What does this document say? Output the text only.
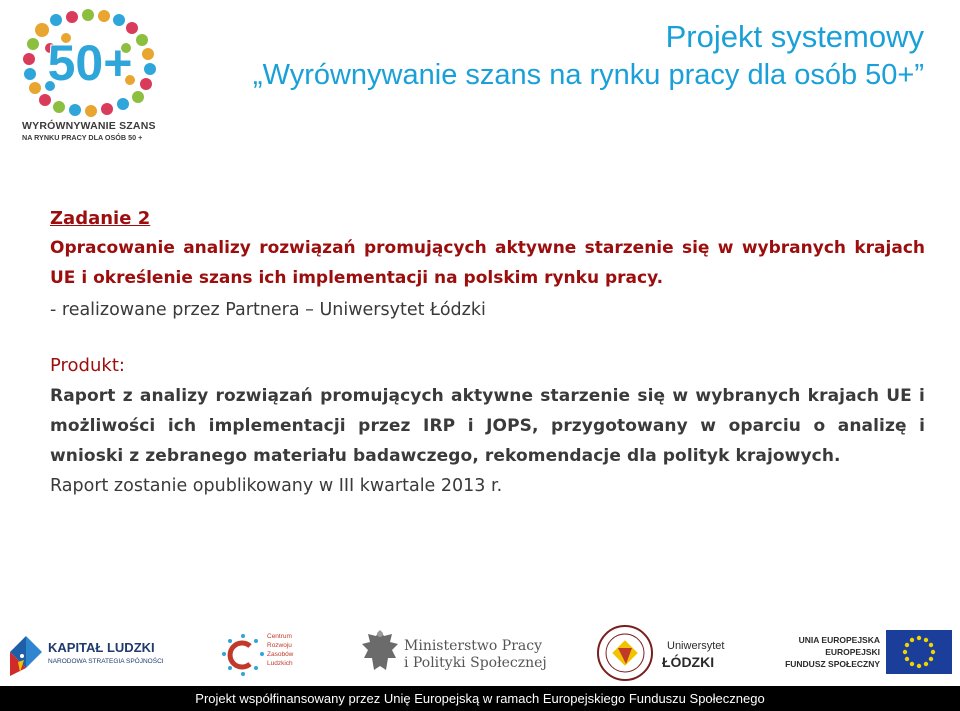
50+
WYRÓWNYWANIE SZANS
NA RYNKU PRACY DLA OSÓB 50 +
Projekt systemowy
„Wyrównywanie szans na rynku pracy dla osób 50+”
Zadanie 2

Opracowanie analizy rozwiązań promujących aktywne starzenie się w wybranych krajach UE i określenie szans ich implementacji na polskim rynku pracy.

- realizowane przez Partnera – Uniwersytet Łódzki

Produkt:

Raport z analizy rozwiązań promujących aktywne starzenie się w wybranych krajach UE i możliwości ich implementacji przez IRP i JOPS, przygotowany w oparciu o analizę i wnioski z zebranego materiału badawczego, rekomendacje dla polityk krajowych.

Raport zostanie opublikowany w III kwartale 2013 r.

KAPITAŁ LUDZKI
NARODOWA STRATEGIA SPÓJNOŚCI
Centrum Rozwoju Zasobów Ludzkich
Ministerstwo Pracy
i Polityki Społecznej
Uniwersytet
ŁÓDZKI
UNIA EUROPEJSKA
EUROPEJSKI
FUNDUSZ SPOŁECZNY
Projekt współfinansowany przez Unię Europejską w ramach Europejskiego Funduszu Społecznego
